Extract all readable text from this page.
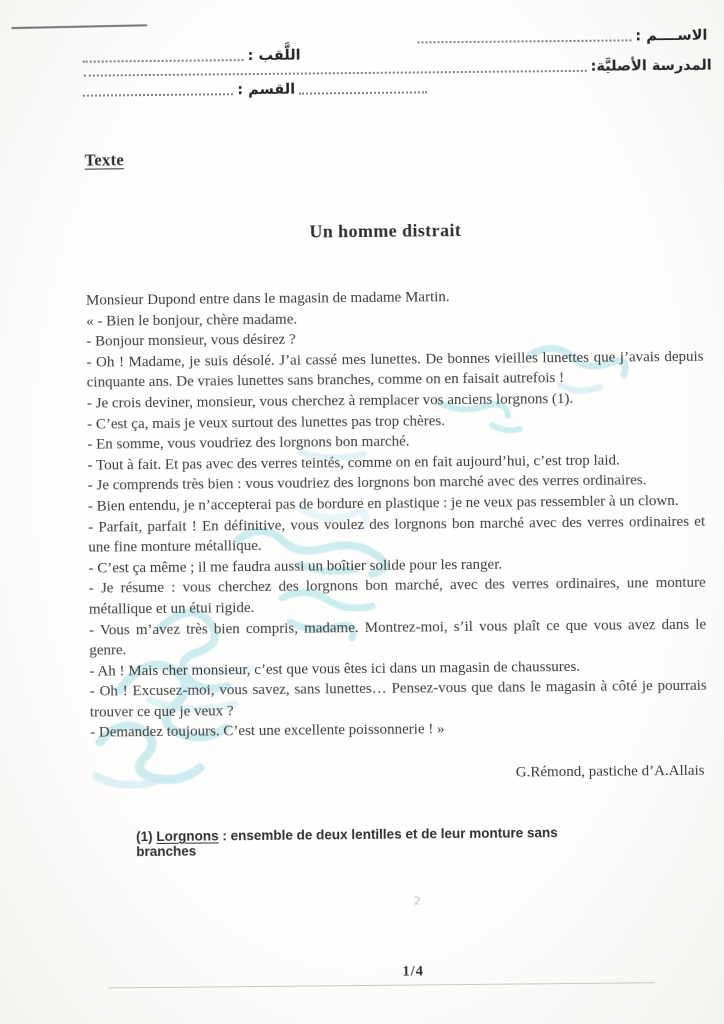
الاســــم :
اللَّقب :
المدرسة الأصليَّة:
القسم :
Texte
Un homme distrait

Monsieur Dupond entre dans le magasin de madame Martin.

« - Bien le bonjour, chère madame.

- Bonjour monsieur, vous désirez ?

- Oh ! Madame, je suis désolé. J’ai cassé mes lunettes. De bonnes vieilles lunettes que j’avais depuis cinquante ans. De vraies lunettes sans branches, comme on en faisait autrefois !

- Je crois deviner, monsieur, vous cherchez à remplacer vos anciens lorgnons (1).

- C’est ça, mais je veux surtout des lunettes pas trop chères.

- En somme, vous voudriez des lorgnons bon marché.

- Tout à fait. Et pas avec des verres teintés, comme on en fait aujourd’hui, c’est trop laid.

- Je comprends très bien : vous voudriez des lorgnons bon marché avec des verres ordinaires.

- Bien entendu, je n’accepterai pas de bordure en plastique : je ne veux pas ressembler à un clown.

- Parfait, parfait ! En définitive, vous voulez des lorgnons bon marché avec des verres ordinaires et une fine monture métallique.

- C’est ça même ; il me faudra aussi un boîtier solide pour les ranger.

- Je résume : vous cherchez des lorgnons bon marché, avec des verres ordinaires, une monture métallique et un étui rigide.

- Vous m’avez très bien compris, madame. Montrez-moi, s’il vous plaît ce que vous avez dans le genre.

- Ah ! Mais cher monsieur, c’est que vous êtes ici dans un magasin de chaussures.

- Oh ! Excusez-moi, vous savez, sans lunettes… Pensez-vous que dans le magasin à côté je pourrais trouver ce que je veux ?

- Demandez toujours. C’est une excellente poissonnerie ! »

G.Rémond, pastiche d’A.Allais
(1) Lorgnons : ensemble de deux lentilles et de leur monture sans branches
2
1/4
